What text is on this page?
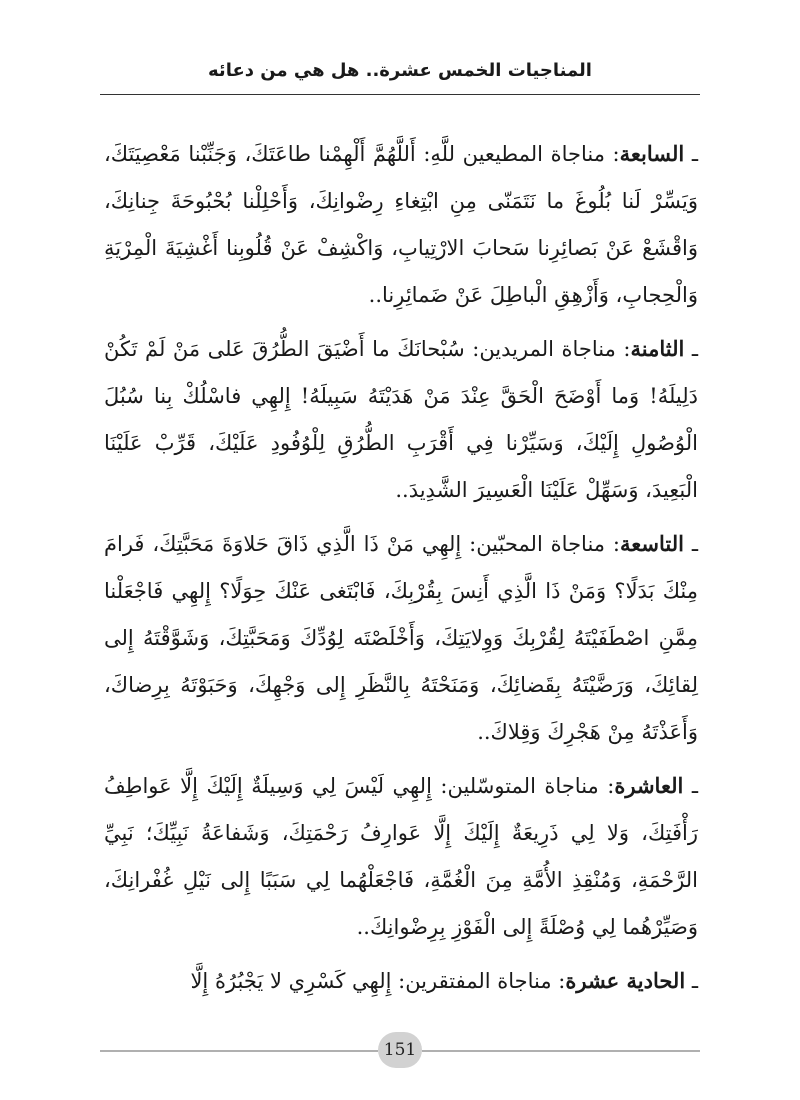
المناجيات الخمس عشرة.. هل هي من دعائه

ـ السابعة: مناجاة المطيعين للَّهِ: أَللَّهُمَّ أَلْهِمْنا طاعَتَكَ، وَجَنِّبْنا مَعْصِيَتَكَ، وَيَسِّرْ لَنا بُلُوغَ ما نَتَمَنّى مِنِ ابْتِغاءِ رِضْوانِكَ، وَأَحْلِلْنا بُحْبُوحَةَ جِنانِكَ، وَاقْشَعْ عَنْ بَصائِرِنا سَحابَ الارْتِيابِ، وَاكْشِفْ عَنْ قُلُوبِنا أَغْشِيَةَ الْمِرْيَةِ وَالْحِجابِ، وَأَزْهِقِ الْباطِلَ عَنْ ضَمائِرِنا..

ـ الثامنة: مناجاة المريدين: سُبْحانَكَ ما أَضْيَقَ الطُّرُقَ عَلى مَنْ لَمْ تَكُنْ دَلِيلَهُ! وَما أَوْضَحَ الْحَقَّ عِنْدَ مَنْ هَدَيْتَهُ سَبِيلَهُ! إِلهِي فاسْلُكْ بِنا سُبُلَ الْوُصُولِ إِلَيْكَ، وَسَيِّرْنا فِي أَقْرَبِ الطُّرُقِ لِلْوُفُودِ عَلَيْكَ، قَرِّبْ عَلَيْنَا الْبَعِيدَ، وَسَهِّلْ عَلَيْنَا الْعَسِيرَ الشَّدِيدَ..

ـ التاسعة: مناجاة المحبّين: إِلهِي مَنْ ذَا الَّذِي ذَاقَ حَلاوَةَ مَحَبَّتِكَ، فَرامَ مِنْكَ بَدَلًا؟ وَمَنْ ذَا الَّذِي أَنِسَ بِقُرْبِكَ، فَابْتَغى عَنْكَ حِوَلًا؟ إِلهِي فَاجْعَلْنا مِمَّنِ اصْطَفَيْتَهُ لِقُرْبِكَ وَوِلايَتِكَ، وَأَخْلَصْتَه لِوُدِّكَ وَمَحَبَّتِكَ، وَشَوَّقْتَهُ إِلى لِقائِكَ، وَرَضَّيْتَهُ بِقَضائِكَ، وَمَنَحْتَهُ بِالنَّظَرِ إِلى وَجْهِكَ، وَحَبَوْتَهُ بِرِضاكَ، وَأَعَذْتَهُ مِنْ هَجْرِكَ وَقِلاكَ..

ـ العاشرة: مناجاة المتوسّلين: إِلهِي لَيْسَ لِي وَسِيلَةٌ إِلَيْكَ إِلَّا عَواطِفُ رَأْفَتِكَ، وَلا لِي ذَرِيعَةٌ إِلَيْكَ إِلَّا عَوارِفُ رَحْمَتِكَ، وَشَفاعَةُ نَبِيِّكَ؛ نَبِيِّ الرَّحْمَةِ، وَمُنْقِذِ الأُمَّةِ مِنَ الْغُمَّةِ، فَاجْعَلْهُما لِي سَبَبًا إِلى نَيْلِ غُفْرانِكَ، وَصَيِّرْهُما لِي وُصْلَةً إِلى الْفَوْزِ بِرِضْوانِكَ..

ـ الحادية عشرة: مناجاة المفتقرين: إِلهِي كَسْرِي لا يَجْبُرُهُ إِلَّا

151
